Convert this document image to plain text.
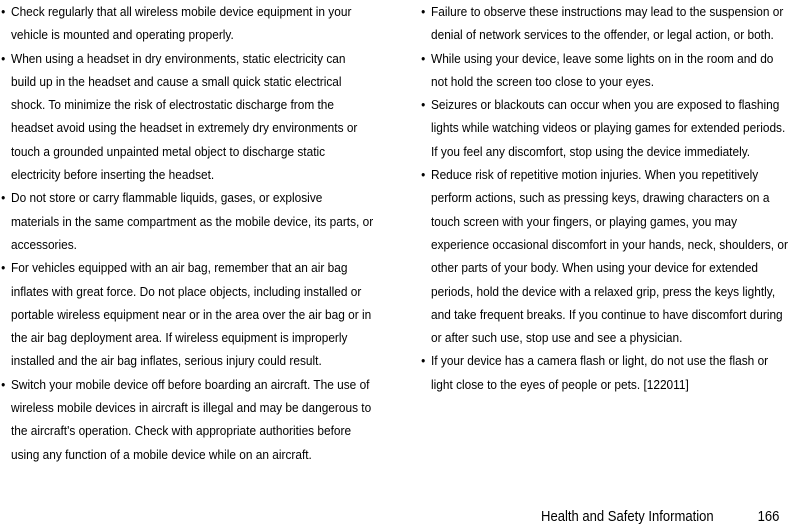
• Check regularly that all wireless mobile device equipment in your vehicle is mounted and operating properly.
• When using a headset in dry environments, static electricity can build up in the headset and cause a small quick static electrical shock. To minimize the risk of electrostatic discharge from the headset avoid using the headset in extremely dry environments or touch a grounded unpainted metal object to discharge static electricity before inserting the headset.
• Do not store or carry flammable liquids, gases, or explosive materials in the same compartment as the mobile device, its parts, or accessories.
• For vehicles equipped with an air bag, remember that an air bag inflates with great force. Do not place objects, including installed or portable wireless equipment near or in the area over the air bag or in the air bag deployment area. If wireless equipment is improperly installed and the air bag inflates, serious injury could result.
• Switch your mobile device off before boarding an aircraft. The use of wireless mobile devices in aircraft is illegal and may be dangerous to the aircraft's operation. Check with appropriate authorities before using any function of a mobile device while on an aircraft.
• Failure to observe these instructions may lead to the suspension or denial of network services to the offender, or legal action, or both.
• While using your device, leave some lights on in the room and do not hold the screen too close to your eyes.
• Seizures or blackouts can occur when you are exposed to flashing lights while watching videos or playing games for extended periods. If you feel any discomfort, stop using the device immediately.
• Reduce risk of repetitive motion injuries. When you repetitively perform actions, such as pressing keys, drawing characters on a touch screen with your fingers, or playing games, you may experience occasional discomfort in your hands, neck, shoulders, or other parts of your body. When using your device for extended periods, hold the device with a relaxed grip, press the keys lightly, and take frequent breaks. If you continue to have discomfort during or after such use, stop use and see a physician.
• If your device has a camera flash or light, do not use the flash or light close to the eyes of people or pets. [122011]
Health and Safety Information	166
